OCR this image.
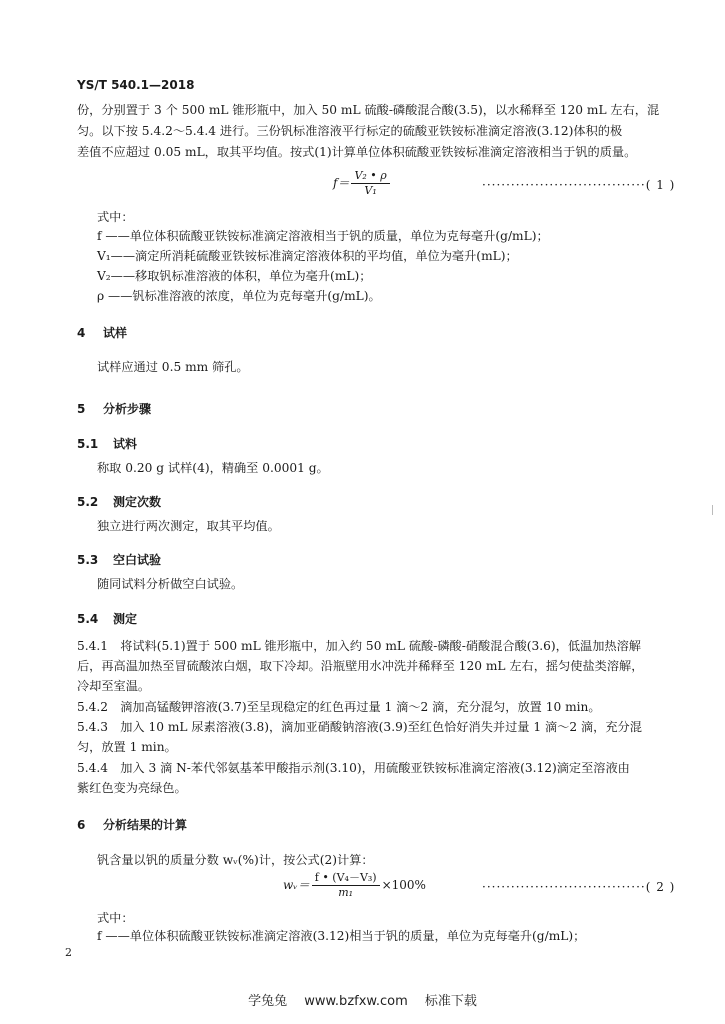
YS/T 540.1—2018
份，分别置于 3 个 500 mL 锥形瓶中，加入 50 mL 硫酸-磷酸混合酸(3.5)，以水稀释至 120 mL 左右，混
匀。以下按 5.4.2～5.4.4 进行。三份钒标准溶液平行标定的硫酸亚铁铵标准滴定溶液(3.12)体积的极
差值不应超过 0.05 mL，取其平均值。按式(1)计算单位体积硫酸亚铁铵标准滴定溶液相当于钒的质量。
$f= \frac{\text{V₂ • ρ}}{\text{V₁}}$	··································( 1 )
式中：
f ——单位体积硫酸亚铁铵标准滴定溶液相当于钒的质量，单位为克每毫升(g/mL)；
V₁——滴定所消耗硫酸亚铁铵标准滴定溶液体积的平均值，单位为毫升(mL)；
V₂——移取钒标准溶液的体积，单位为毫升(mL)；
ρ ——钒标准溶液的浓度，单位为克每毫升(g/mL)。
4 试样
试样应通过 0.5 mm 筛孔。
5 分析步骤
5.1 试料
称取 0.20 g 试样(4)，精确至 0.0001 g。
5.2 测定次数
独立进行两次测定，取其平均值。
5.3 空白试验
随同试料分析做空白试验。
5.4 测定
5.4.1　将试料(5.1)置于 500 mL 锥形瓶中，加入约 50 mL 硫酸-磷酸-硝酸混合酸(3.6)，低温加热溶解
后，再高温加热至冒硫酸浓白烟，取下冷却。沿瓶壁用水冲洗并稀释至 120 mL 左右，摇匀使盐类溶解，
冷却至室温。
5.4.2　滴加高锰酸钾溶液(3.7)至呈现稳定的红色再过量 1 滴～2 滴，充分混匀，放置 10 min。
5.4.3　加入 10 mL 尿素溶液(3.8)，滴加亚硝酸钠溶液(3.9)至红色恰好消失并过量 1 滴～2 滴，充分混
匀，放置 1 min。
5.4.4　加入 3 滴 N-苯代邻氨基苯甲酸指示剂(3.10)，用硫酸亚铁铵标准滴定溶液(3.12)滴定至溶液由
紫红色变为亮绿色。
6 分析结果的计算
钒含量以钒的质量分数 wᵥ(%)计，按公式(2)计算：
wᵥ＝ $\frac{\text{f • (V₄－V₃)}}{\text{m₁}} \times 100\%$	··································( 2 )
式中：
f ——单位体积硫酸亚铁铵标准滴定溶液(3.12)相当于钒的质量，单位为克每毫升(g/mL)；
2
学兔兔　 www.bzfxw.com　 标准下载
